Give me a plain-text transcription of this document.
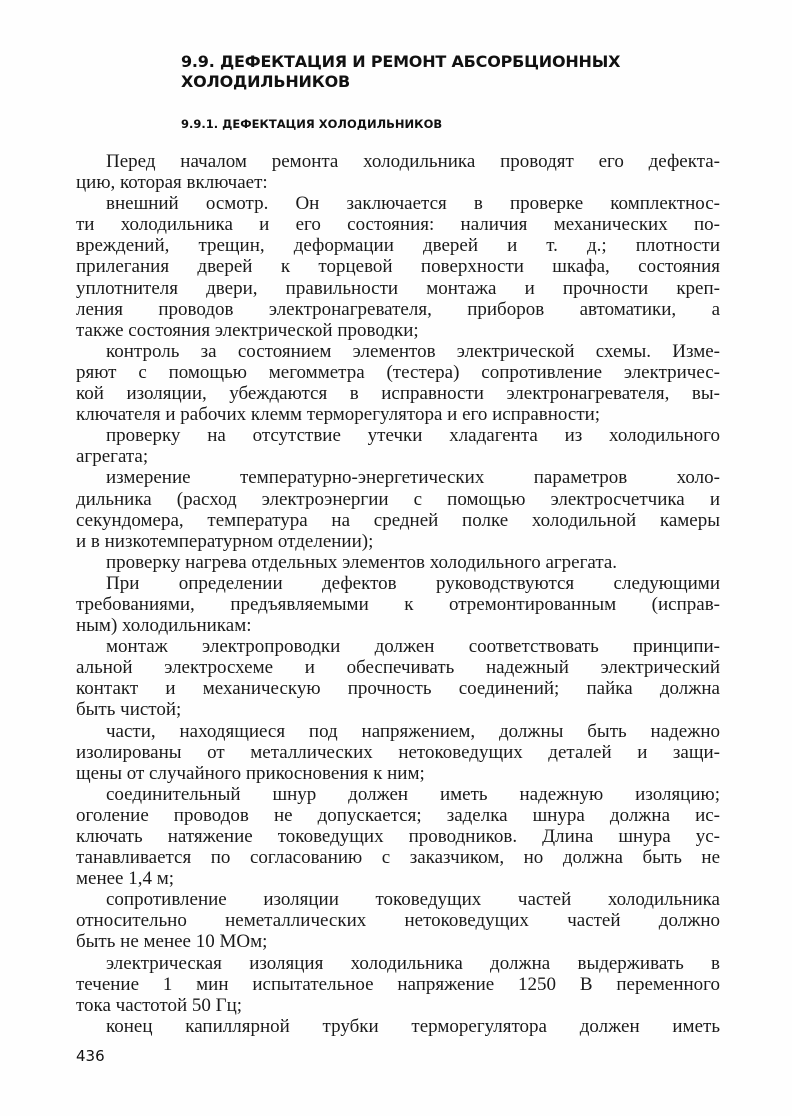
9.9. ДЕФЕКТАЦИЯ И РЕМОНТ АБСОРБЦИОННЫХ
ХОЛОДИЛЬНИКОВ
9.9.1. ДЕФЕКТАЦИЯ ХОЛОДИЛЬНИКОВ
Перед началом ремонта холодильника проводят его дефекта-
цию, которая включает:
внешний осмотр. Он заключается в проверке комплектнос-
ти холодильника и его состояния: наличия механических по-
вреждений, трещин, деформации дверей и т. д.; плотности
прилегания дверей к торцевой поверхности шкафа, состояния
уплотнителя двери, правильности монтажа и прочности креп-
ления проводов электронагревателя, приборов автоматики, а
также состояния электрической проводки;
контроль за состоянием элементов электрической схемы. Изме-
ряют с помощью мегомметра (тестера) сопротивление электричес-
кой изоляции, убеждаются в исправности электронагревателя, вы-
ключателя и рабочих клемм терморегулятора и его исправности;
проверку на отсутствие утечки хладагента из холодильного
агрегата;
измерение температурно-энергетических параметров холо-
дильника (расход электроэнергии с помощью электросчетчика и
секундомера, температура на средней полке холодильной камеры
и в низкотемпературном отделении);
проверку нагрева отдельных элементов холодильного агрегата.
При определении дефектов руководствуются следующими
требованиями, предъявляемыми к отремонтированным (исправ-
ным) холодильникам:
монтаж электропроводки должен соответствовать принципи-
альной электросхеме и обеспечивать надежный электрический
контакт и механическую прочность соединений; пайка должна
быть чистой;
части, находящиеся под напряжением, должны быть надежно
изолированы от металлических нетоковедущих деталей и защи-
щены от случайного прикосновения к ним;
соединительный шнур должен иметь надежную изоляцию;
оголение проводов не допускается; заделка шнура должна ис-
ключать натяжение токоведущих проводников. Длина шнура ус-
танавливается по согласованию с заказчиком, но должна быть не
менее 1,4 м;
сопротивление изоляции токоведущих частей холодильника
относительно неметаллических нетоковедущих частей должно
быть не менее 10 МОм;
электрическая изоляция холодильника должна выдерживать в
течение 1 мин испытательное напряжение 1250 В переменного
тока частотой 50 Гц;
конец капиллярной трубки терморегулятора должен иметь
436
